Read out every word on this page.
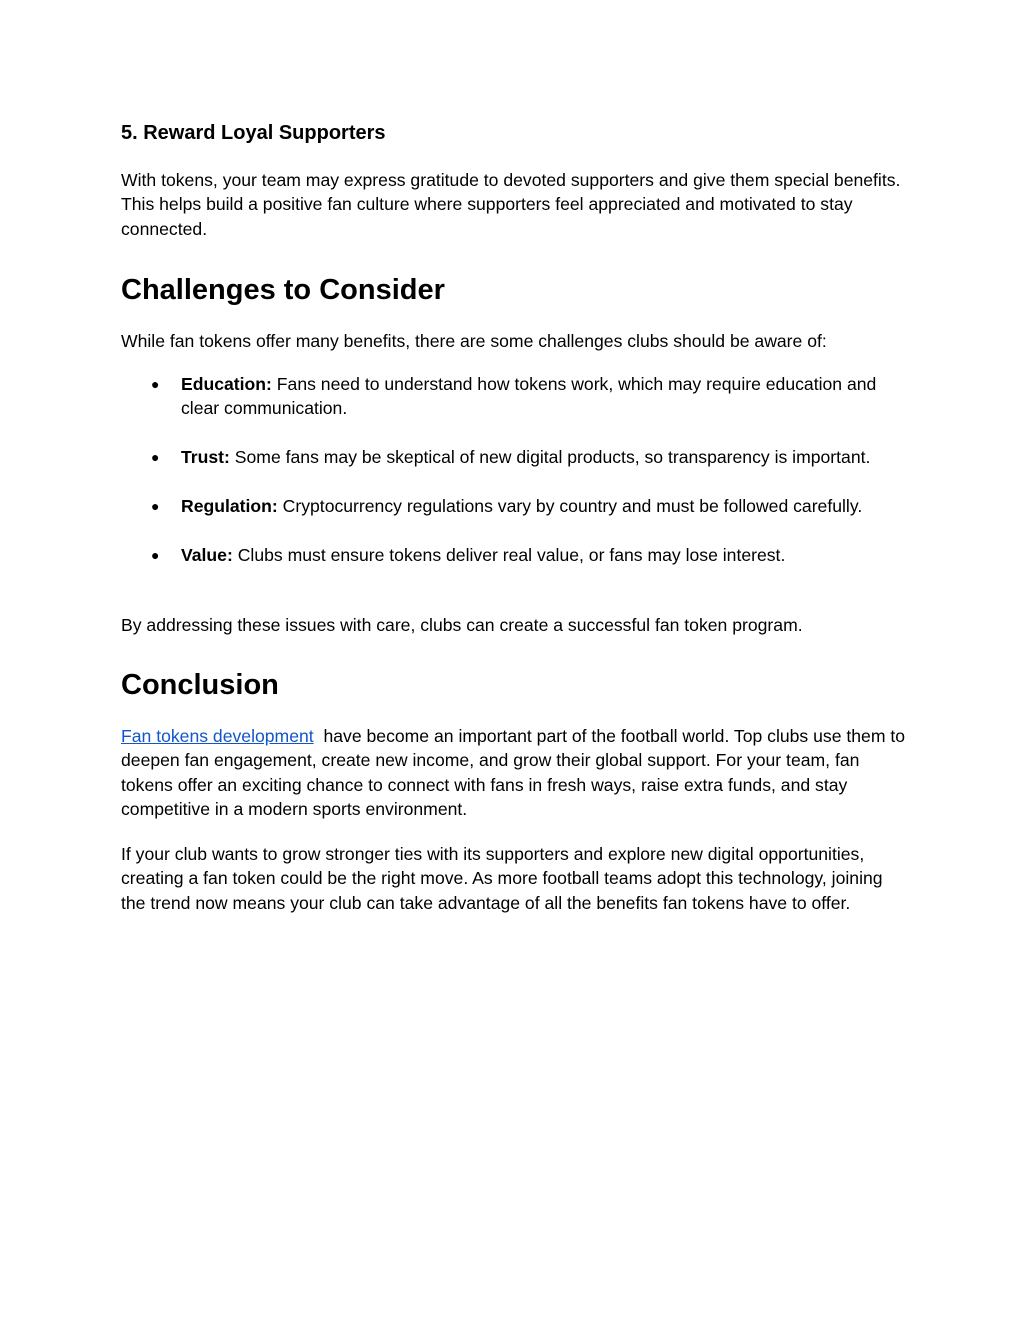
5. Reward Loyal Supporters

With tokens, your team may express gratitude to devoted supporters and give them special benefits. This helps build a positive fan culture where supporters feel appreciated and motivated to stay connected.

Challenges to Consider

While fan tokens offer many benefits, there are some challenges clubs should be aware of:

● Education: Fans need to understand how tokens work, which may require education and clear communication.
● Trust: Some fans may be skeptical of new digital products, so transparency is important.
● Regulation: Cryptocurrency regulations vary by country and must be followed carefully.
● Value: Clubs must ensure tokens deliver real value, or fans may lose interest.

By addressing these issues with care, clubs can create a successful fan token program.

Conclusion

Fan tokens development  have become an important part of the football world. Top clubs use them to deepen fan engagement, create new income, and grow their global support. For your team, fan tokens offer an exciting chance to connect with fans in fresh ways, raise extra funds, and stay competitive in a modern sports environment.

If your club wants to grow stronger ties with its supporters and explore new digital opportunities, creating a fan token could be the right move. As more football teams adopt this technology, joining the trend now means your club can take advantage of all the benefits fan tokens have to offer.
